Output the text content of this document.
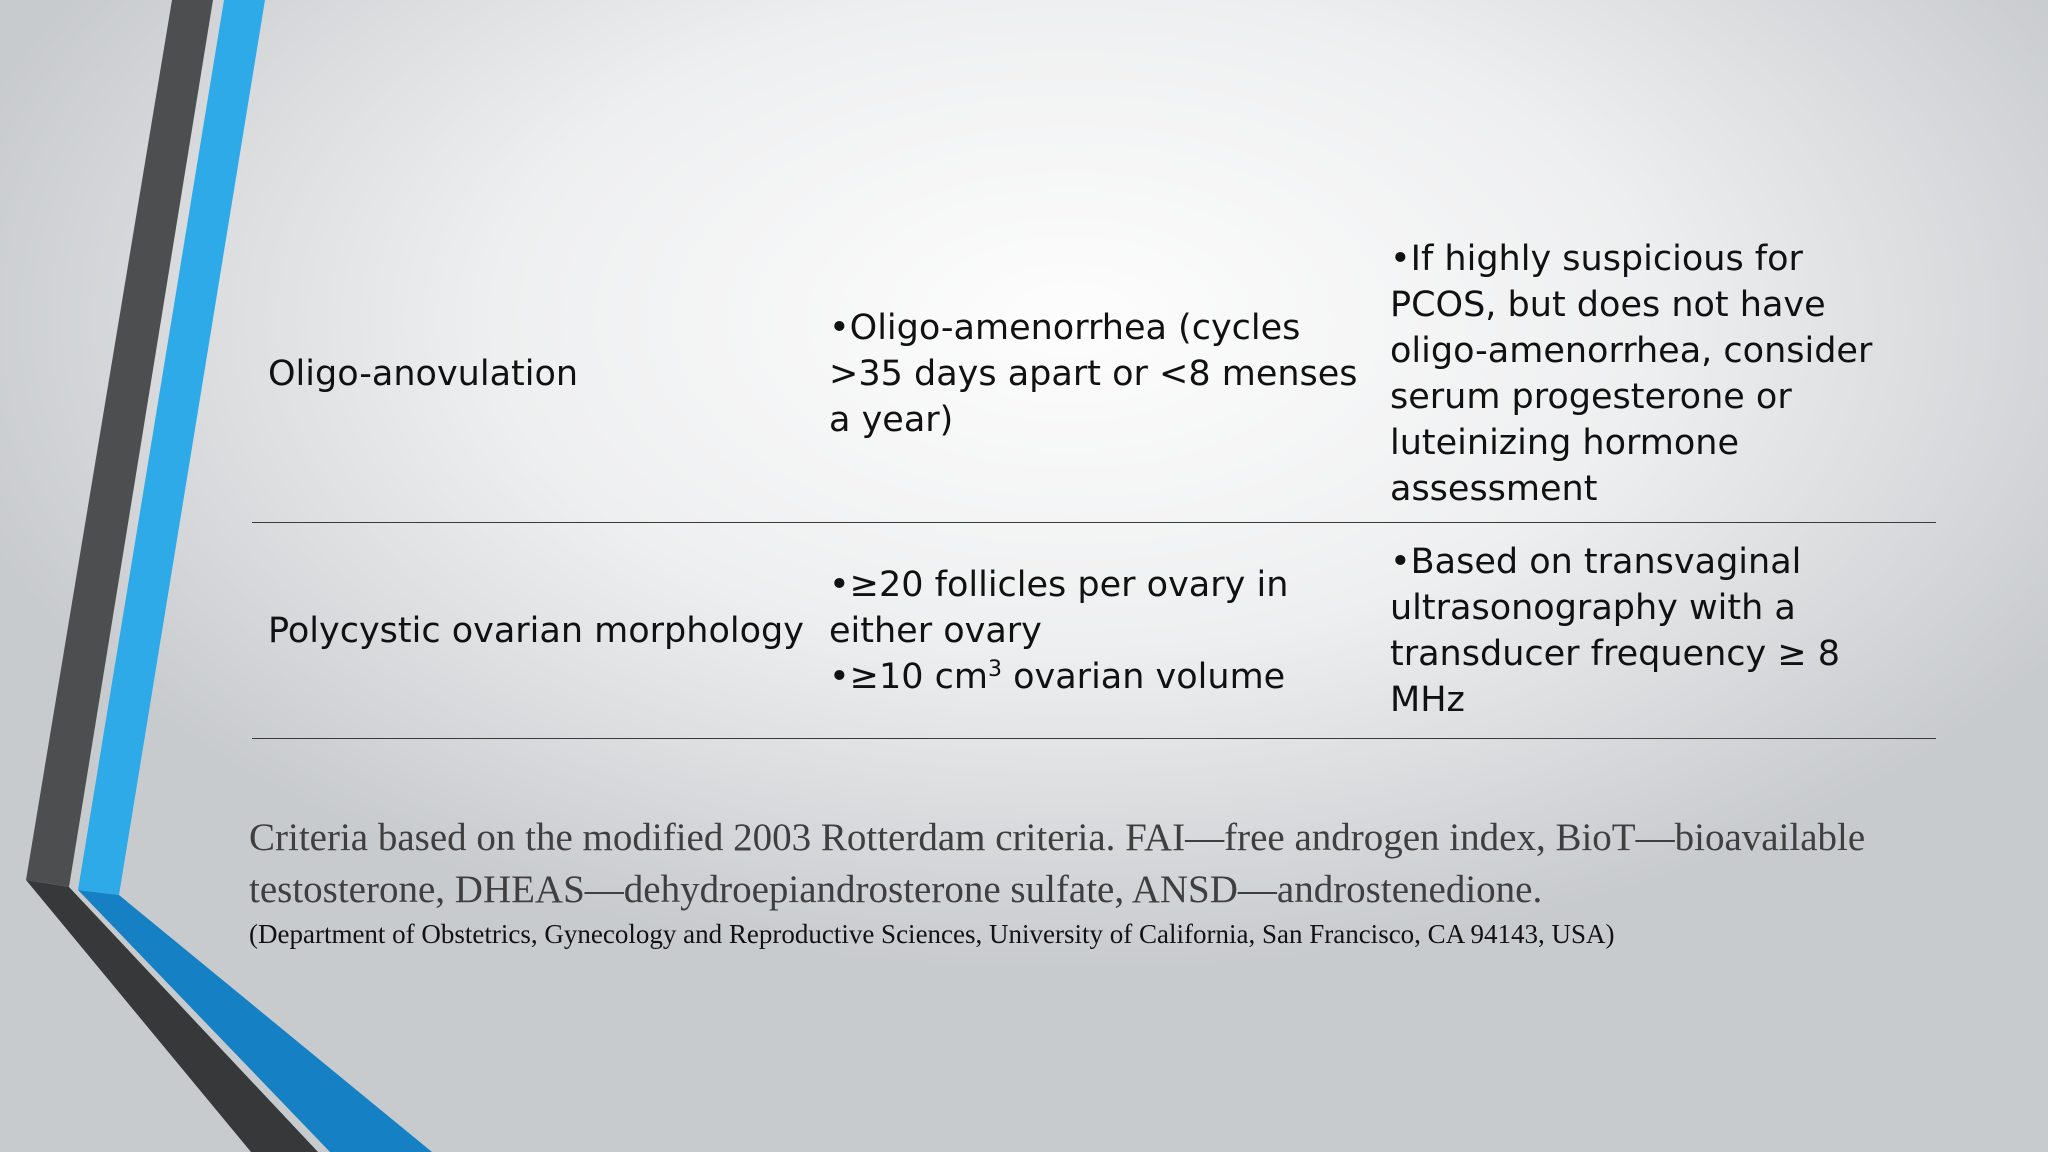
Oligo-anovulation

•Oligo-amenorrhea (cycles >35 days apart or <8 menses a year)

•If highly suspicious for PCOS, but does not have oligo-amenorrhea, consider serum progesterone or luteinizing hormone assessment

Polycystic ovarian morphology

•≥20 follicles per ovary in either ovary

•≥10 $cm^3$ ovarian volume

•Based on transvaginal ultrasonography with a transducer frequency ≥ 8 MHz

Criteria based on the modified 2003 Rotterdam criteria. FAI—free androgen index, BioT—bioavailable testosterone, DHEAS—dehydroepiandrosterone sulfate, ANSD—androstenedione.

(Department of Obstetrics, Gynecology and Reproductive Sciences, University of California, San Francisco, CA 94143, USA)
